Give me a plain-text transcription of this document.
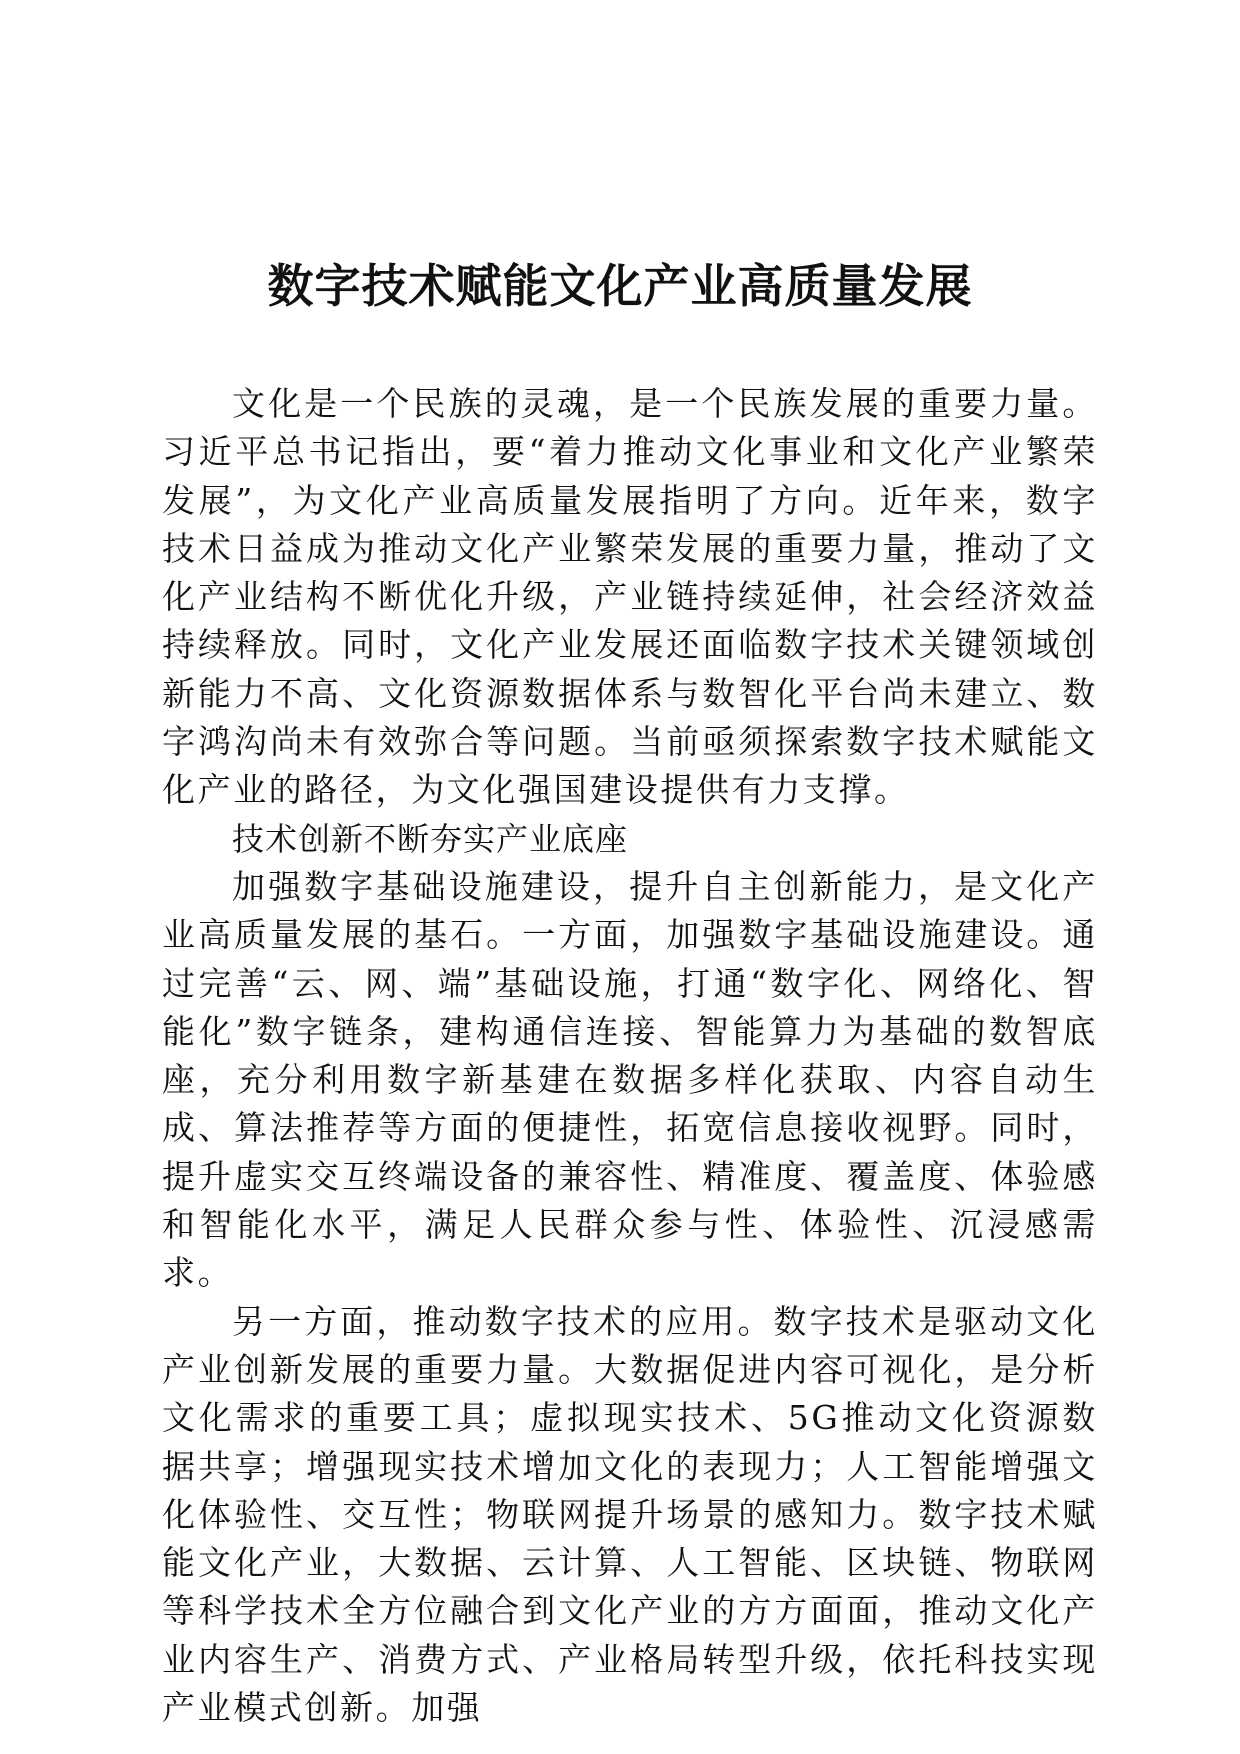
数字技术赋能文化产业高质量发展

文化是一个民族的灵魂，是一个民族发展的重要力量。习近平总书记指出，要“着力推动文化事业和文化产业繁荣发展”，为文化产业高质量发展指明了方向。近年来，数字技术日益成为推动文化产业繁荣发展的重要力量，推动了文化产业结构不断优化升级，产业链持续延伸，社会经济效益持续释放。同时，文化产业发展还面临数字技术关键领域创新能力不高、文化资源数据体系与数智化平台尚未建立、数字鸿沟尚未有效弥合等问题。当前亟须探索数字技术赋能文化产业的路径，为文化强国建设提供有力支撑。

技术创新不断夯实产业底座

加强数字基础设施建设，提升自主创新能力，是文化产业高质量发展的基石。一方面，加强数字基础设施建设。通过完善“云、网、端”基础设施，打通“数字化、网络化、智能化”数字链条，建构通信连接、智能算力为基础的数智底座，充分利用数字新基建在数据多样化获取、内容自动生成、算法推荐等方面的便捷性，拓宽信息接收视野。同时，提升虚实交互终端设备的兼容性、精准度、覆盖度、体验感和智能化水平，满足人民群众参与性、体验性、沉浸感需求。

另一方面，推动数字技术的应用。数字技术是驱动文化产业创新发展的重要力量。大数据促进内容可视化，是分析文化需求的重要工具；虚拟现实技术、5G推动文化资源数据共享；增强现实技术增加文化的表现力；人工智能增强文化体验性、交互性；物联网提升场景的感知力。数字技术赋能文化产业，大数据、云计算、人工智能、区块链、物联网等科学技术全方位融合到文化产业的方方面面，推动文化产业内容生产、消费方式、产业格局转型升级，依托科技实现产业模式创新。加强
